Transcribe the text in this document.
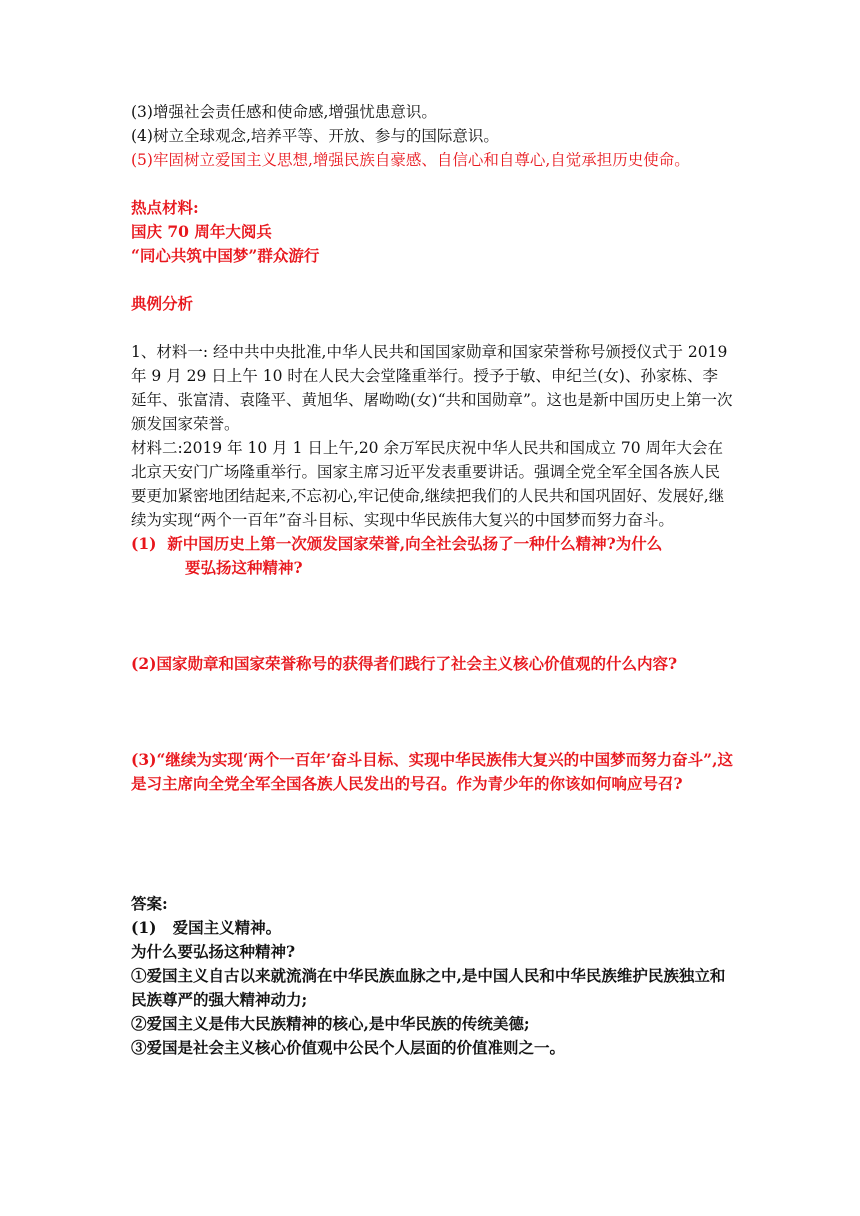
(3)增强社会责任感和使命感,增强忧患意识。

(4)树立全球观念,培养平等、开放、参与的国际意识。

(5)牢固树立爱国主义思想,增强民族自豪感、自信心和自尊心,自觉承担历史使命。

热点材料:

国庆 70 周年大阅兵

“同心共筑中国梦”群众游行

典例分析

1、材料一: 经中共中央批准,中华人民共和国国家勋章和国家荣誉称号颁授仪式于 2019 年 9 月 29 日上午 10 时在人民大会堂隆重举行。授予于敏、申纪兰(女)、孙家栋、李延年、张富清、袁隆平、黄旭华、屠呦呦(女)“共和国勋章”。这也是新中国历史上第一次颁发国家荣誉。

材料二:2019 年 10 月 1 日上午,20 余万军民庆祝中华人民共和国成立 70 周年大会在北京天安门广场隆重举行。国家主席习近平发表重要讲话。强调全党全军全国各族人民要更加紧密地团结起来,不忘初心,牢记使命,继续把我们的人民共和国巩固好、发展好,继续为实现“两个一百年”奋斗目标、实现中华民族伟大复兴的中国梦而努力奋斗。

(1) 新中国历史上第一次颁发国家荣誉,向全社会弘扬了一种什么精神?为什么

要弘扬这种精神?

(2)国家勋章和国家荣誉称号的获得者们践行了社会主义核心价值观的什么内容?

(3)“继续为实现‘两个一百年’奋斗目标、实现中华民族伟大复兴的中国梦而努力奋斗”,这是习主席向全党全军全国各族人民发出的号召。作为青少年的你该如何响应号召?

答案:

(1) 爱国主义精神。

为什么要弘扬这种精神?

①爱国主义自古以来就流淌在中华民族血脉之中,是中国人民和中华民族维护民族独立和民族尊严的强大精神动力;

②爱国主义是伟大民族精神的核心,是中华民族的传统美德;

③爱国是社会主义核心价值观中公民个人层面的价值准则之一。
